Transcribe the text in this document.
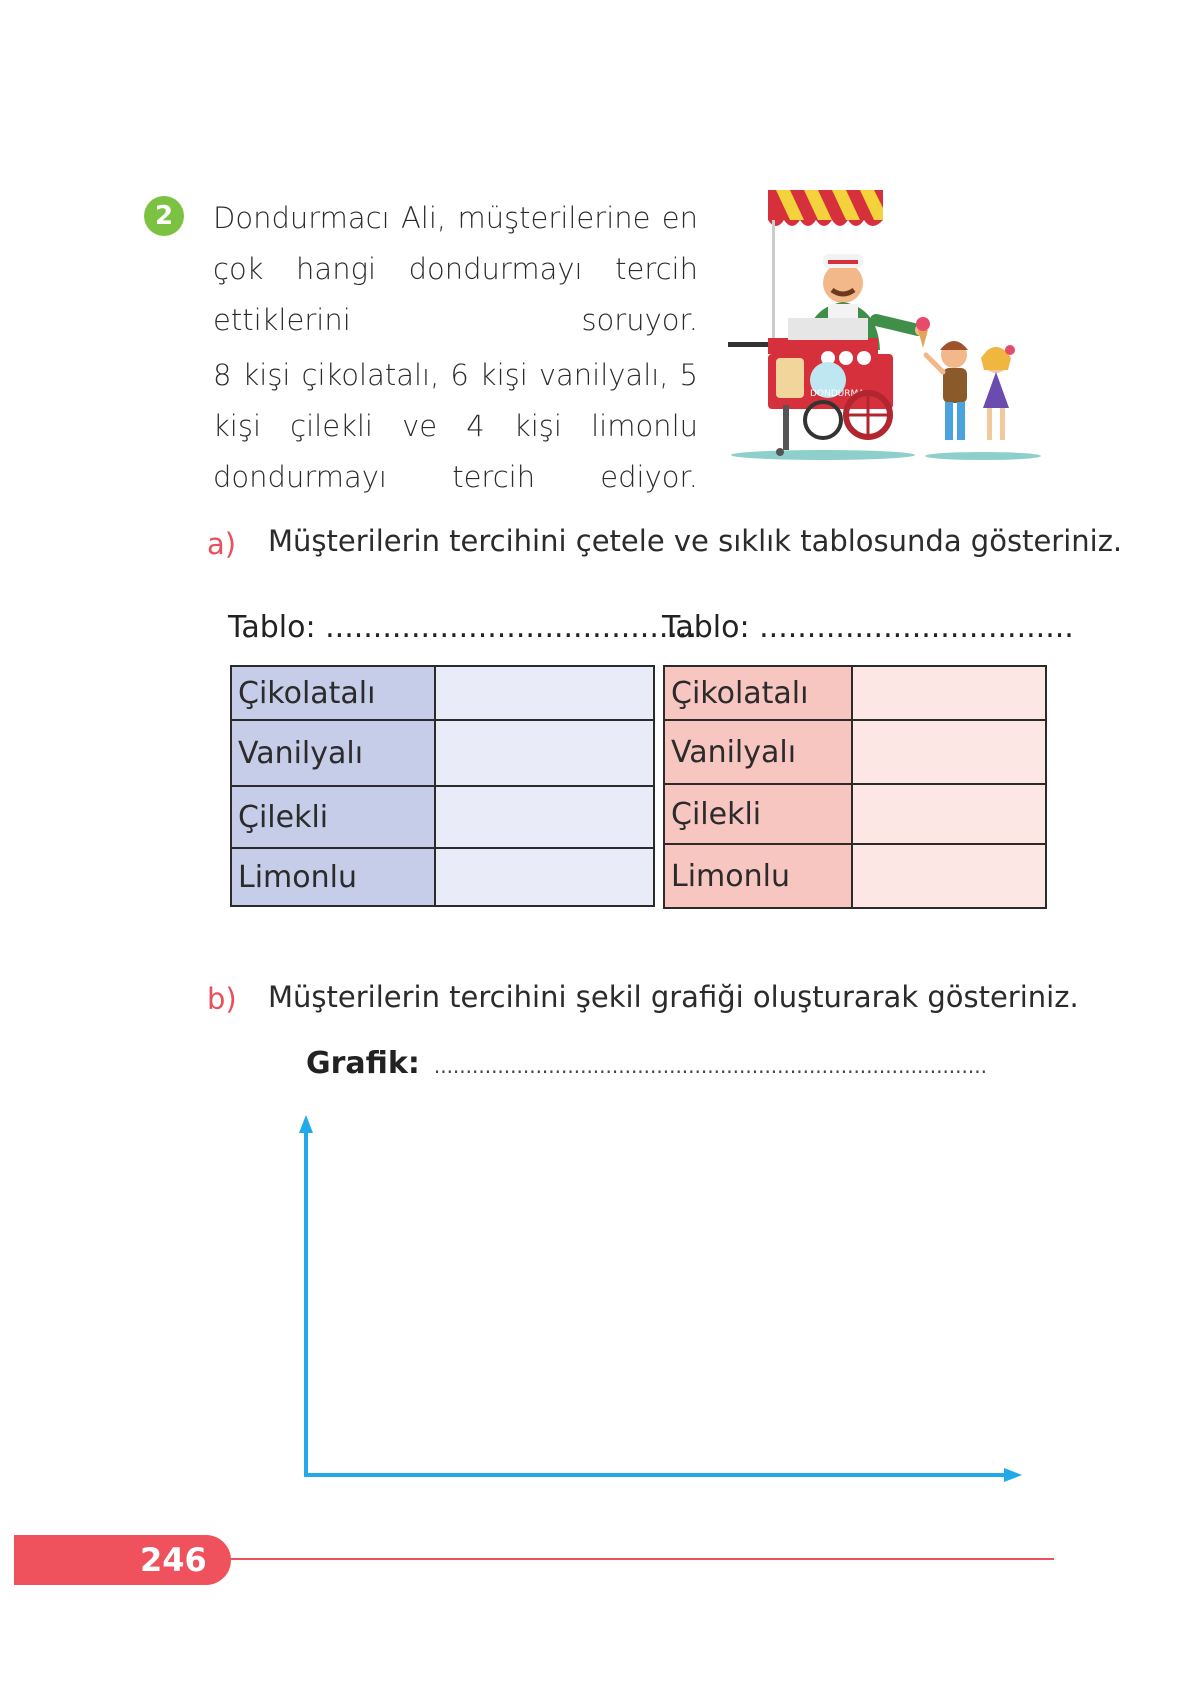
2	Dondurmacı Ali, müşterilerine en çok hangi dondurmayı tercih ettiklerini soruyor.

8 kişi çikolatalı, 6 kişi vanilyalı, 5 kişi çilekli ve 4 kişi limonlu dondurmayı tercih ediyor.

DONDURMA
a) Müşterilerin tercihini çetele ve sıklık tablosunda gösteriniz.
Tablo: .......................................
Çikolatalı	
Vanilyalı	
Çilekli	
Limonlu	
Tablo: .................................
Çikolatalı	
Vanilyalı	
Çilekli	
Limonlu	
b) Müşterilerin tercihini şekil grafiği oluşturarak gösteriniz.
Grafik: .......................................................................................
246
